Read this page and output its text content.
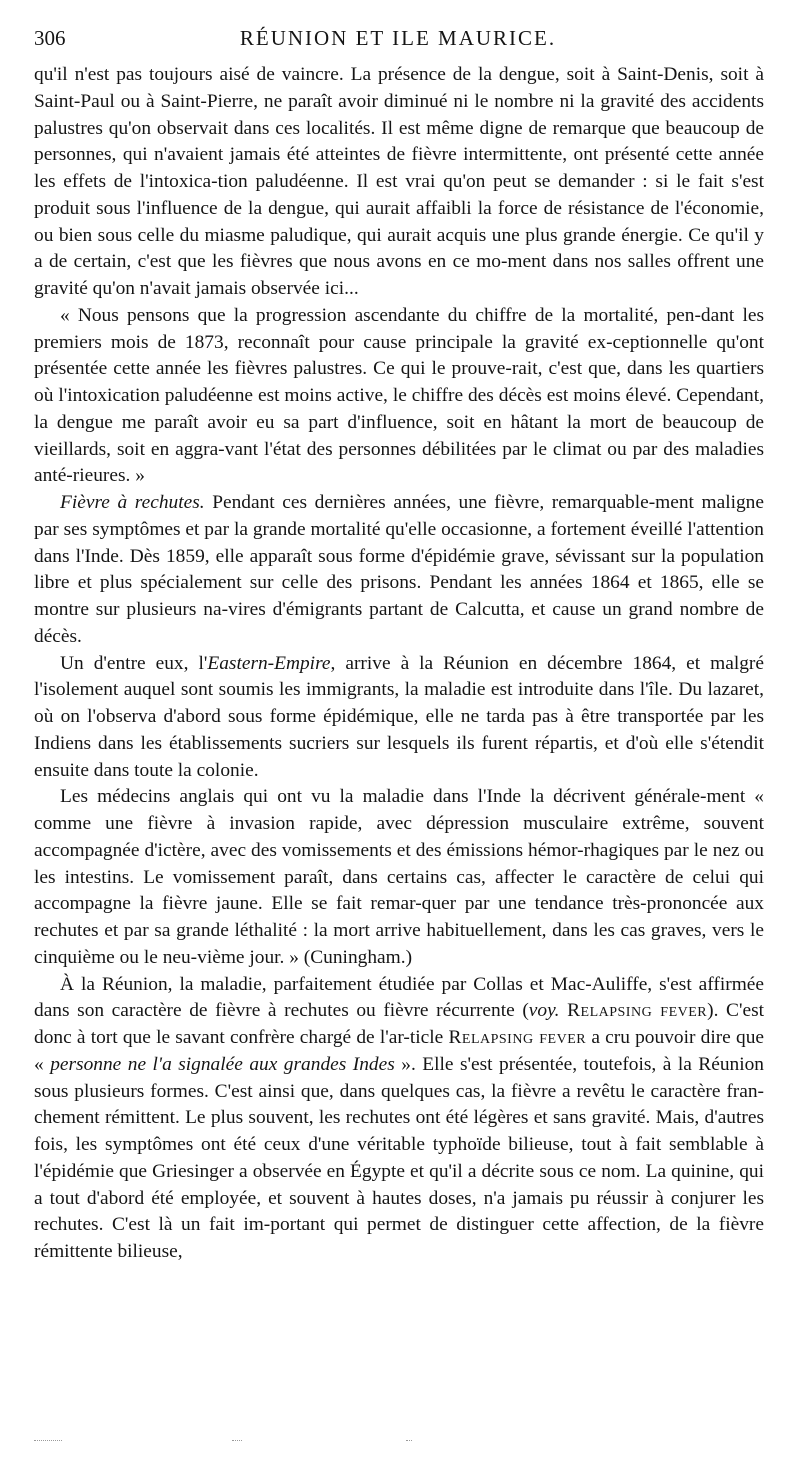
306	RÉUNION ET ILE MAURICE.

qu'il n'est pas toujours aisé de vaincre. La présence de la dengue, soit à Saint-Denis, soit à Saint-Paul ou à Saint-Pierre, ne paraît avoir diminué ni le nombre ni la gravité des accidents palustres qu'on observait dans ces localités. Il est même digne de remarque que beaucoup de personnes, qui n'avaient jamais été atteintes de fièvre intermittente, ont présenté cette année les effets de l'intoxica-tion paludéenne. Il est vrai qu'on peut se demander : si le fait s'est produit sous l'influence de la dengue, qui aurait affaibli la force de résistance de l'économie, ou bien sous celle du miasme paludique, qui aurait acquis une plus grande énergie. Ce qu'il y a de certain, c'est que les fièvres que nous avons en ce mo-ment dans nos salles offrent une gravité qu'on n'avait jamais observée ici...

« Nous pensons que la progression ascendante du chiffre de la mortalité, pen-dant les premiers mois de 1873, reconnaît pour cause principale la gravité ex-ceptionnelle qu'ont présentée cette année les fièvres palustres. Ce qui le prouve-rait, c'est que, dans les quartiers où l'intoxication paludéenne est moins active, le chiffre des décès est moins élevé. Cependant, la dengue me paraît avoir eu sa part d'influence, soit en hâtant la mort de beaucoup de vieillards, soit en aggra-vant l'état des personnes débilitées par le climat ou par des maladies anté-rieures. »

Fièvre à rechutes. Pendant ces dernières années, une fièvre, remarquable-ment maligne par ses symptômes et par la grande mortalité qu'elle occasionne, a fortement éveillé l'attention dans l'Inde. Dès 1859, elle apparaît sous forme d'épidémie grave, sévissant sur la population libre et plus spécialement sur celle des prisons. Pendant les années 1864 et 1865, elle se montre sur plusieurs na-vires d'émigrants partant de Calcutta, et cause un grand nombre de décès.

Un d'entre eux, l'Eastern-Empire, arrive à la Réunion en décembre 1864, et malgré l'isolement auquel sont soumis les immigrants, la maladie est introduite dans l'île. Du lazaret, où on l'observa d'abord sous forme épidémique, elle ne tarda pas à être transportée par les Indiens dans les établissements sucriers sur lesquels ils furent répartis, et d'où elle s'étendit ensuite dans toute la colonie.

Les médecins anglais qui ont vu la maladie dans l'Inde la décrivent générale-ment « comme une fièvre à invasion rapide, avec dépression musculaire extrême, souvent accompagnée d'ictère, avec des vomissements et des émissions hémor-rhagiques par le nez ou les intestins. Le vomissement paraît, dans certains cas, affecter le caractère de celui qui accompagne la fièvre jaune. Elle se fait remar-quer par une tendance très-prononcée aux rechutes et par sa grande léthalité : la mort arrive habituellement, dans les cas graves, vers le cinquième ou le neu-vième jour. » (Cuningham.)

À la Réunion, la maladie, parfaitement étudiée par Collas et Mac-Auliffe, s'est affirmée dans son caractère de fièvre à rechutes ou fièvre récurrente (voy. Relapsing fever). C'est donc à tort que le savant confrère chargé de l'ar-ticle Relapsing fever a cru pouvoir dire que « personne ne l'a signalée aux grandes Indes ». Elle s'est présentée, toutefois, à la Réunion sous plusieurs formes. C'est ainsi que, dans quelques cas, la fièvre a revêtu le caractère fran-chement rémittent. Le plus souvent, les rechutes ont été légères et sans gravité. Mais, d'autres fois, les symptômes ont été ceux d'une véritable typhoïde bilieuse, tout à fait semblable à l'épidémie que Griesinger a observée en Égypte et qu'il a décrite sous ce nom. La quinine, qui a tout d'abord été employée, et souvent à hautes doses, n'a jamais pu réussir à conjurer les rechutes. C'est là un fait im-portant qui permet de distinguer cette affection, de la fièvre rémittente bilieuse,
